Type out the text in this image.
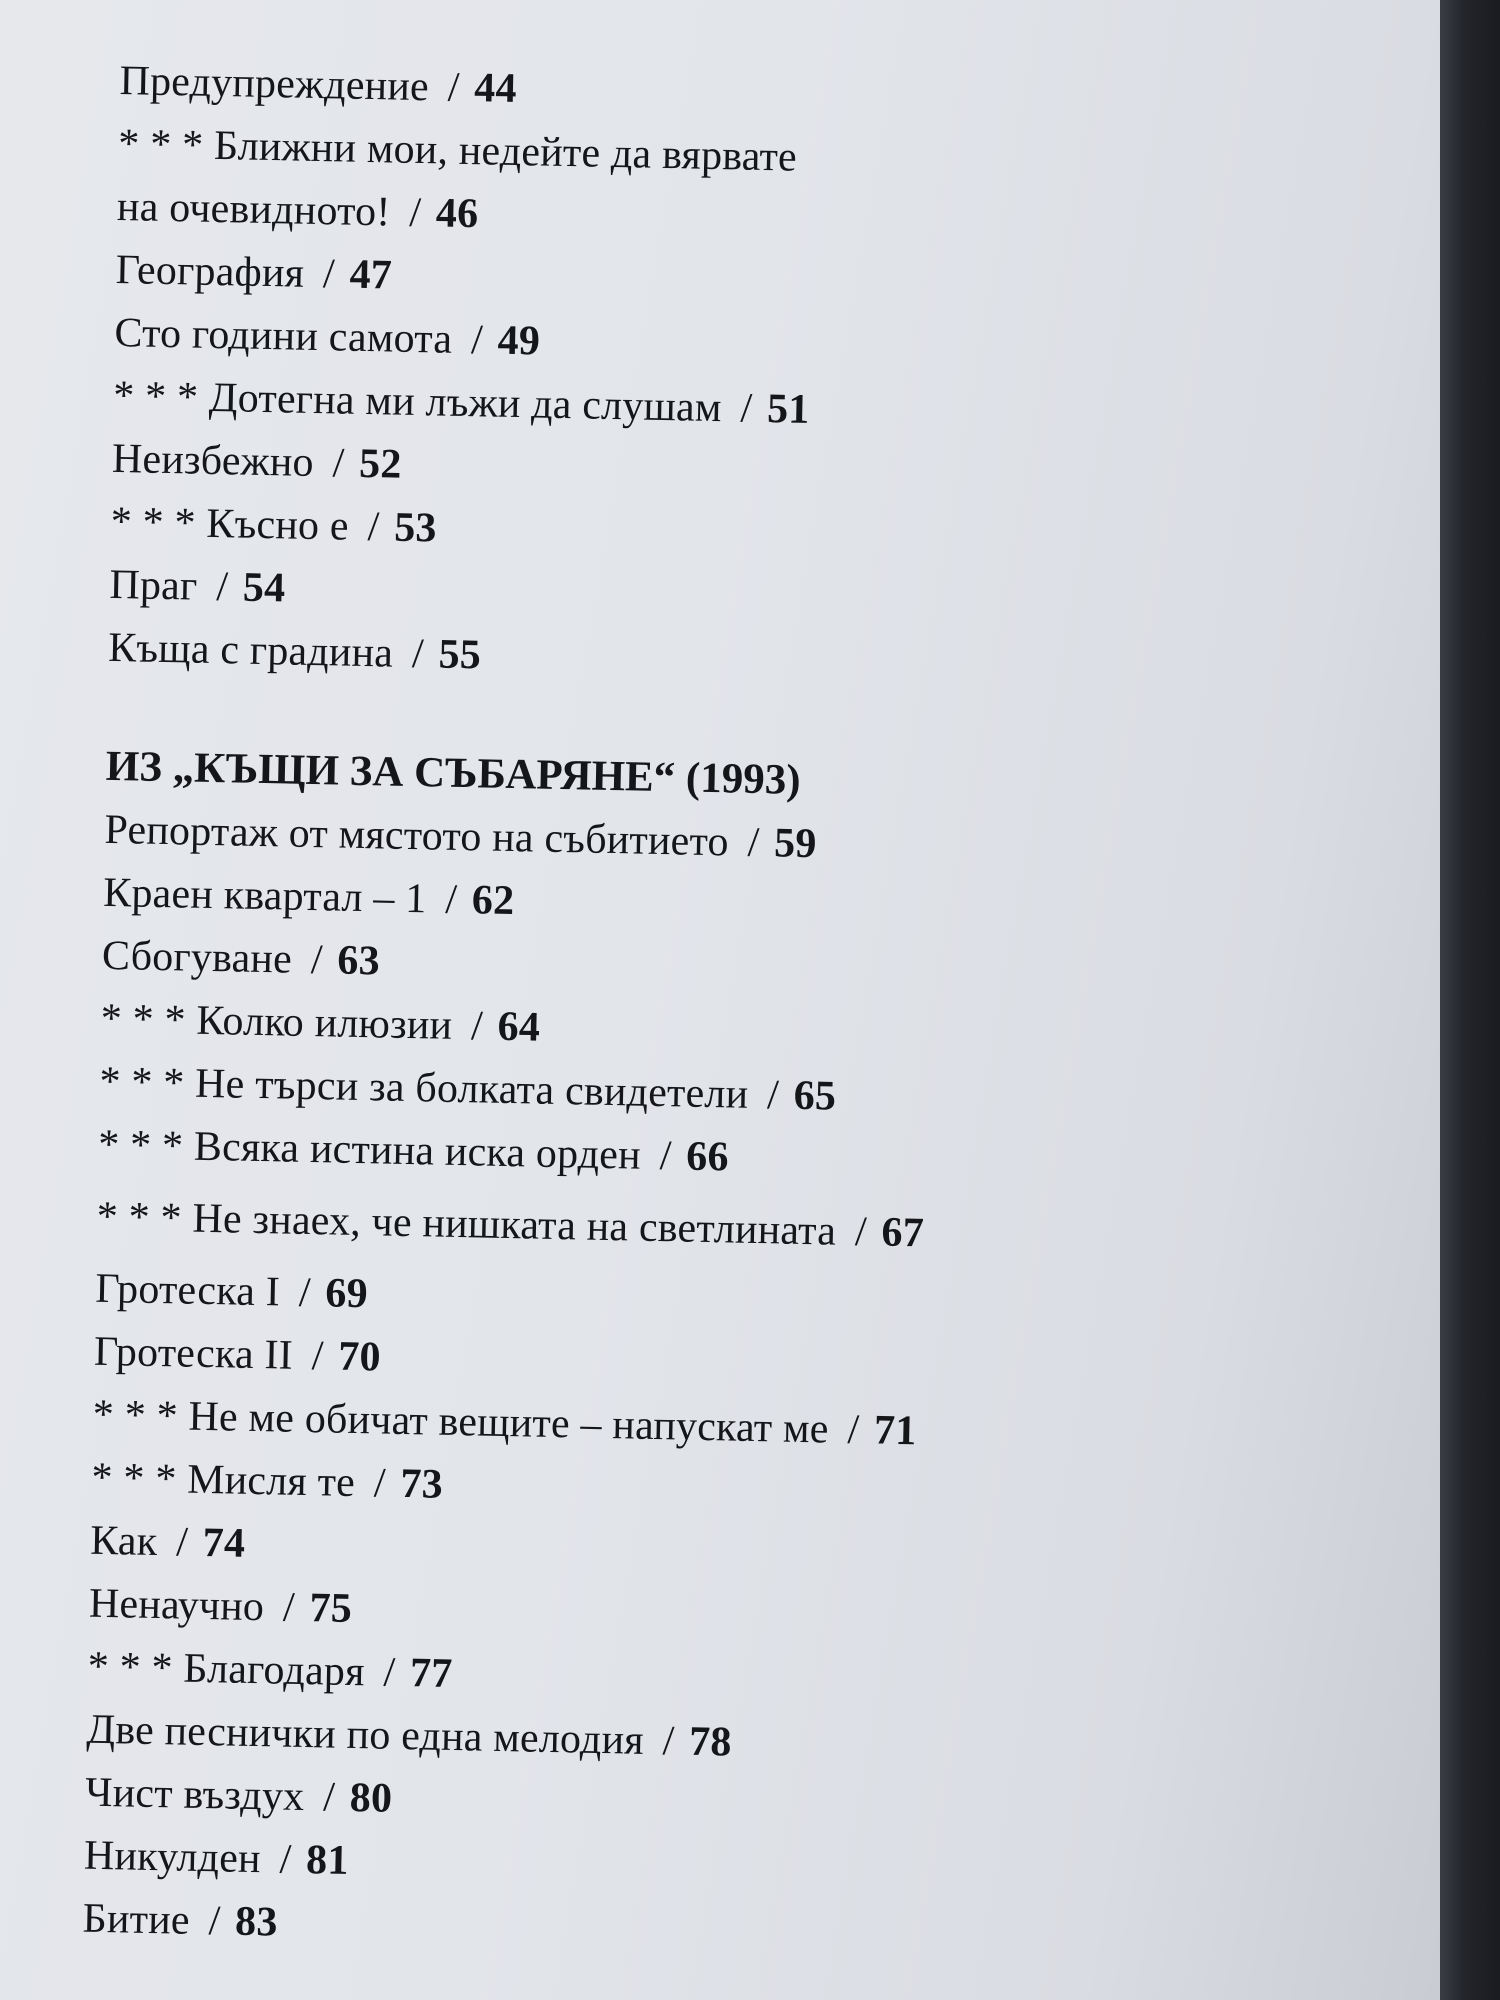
Предупреждение / 44
* * * Ближни мои, недейте да вярвате
на очевидното! / 46
География / 47
Сто години самота / 49
* * * Дотегна ми лъжи да слушам / 51
Неизбежно / 52
* * * Късно е / 53
Праг / 54
Къща с градина / 55
ИЗ „КЪЩИ ЗА СЪБАРЯНЕ“ (1993)
Репортаж от мястото на събитието / 59
Краен квартал – 1 / 62
Сбогуване / 63
* * * Колко илюзии / 64
* * * Не търси за болката свидетели / 65
* * * Всяка истина иска орден / 66
* * * Не знаех, че нишката на светлината / 67
Гротеска I / 69
Гротеска II / 70
* * * Не ме обичат вещите – напускат ме / 71
* * * Мисля те / 73
Как / 74
Ненаучно / 75
* * * Благодаря / 77
Две песнички по една мелодия / 78
Чист въздух / 80
Никулден / 81
Битие / 83
